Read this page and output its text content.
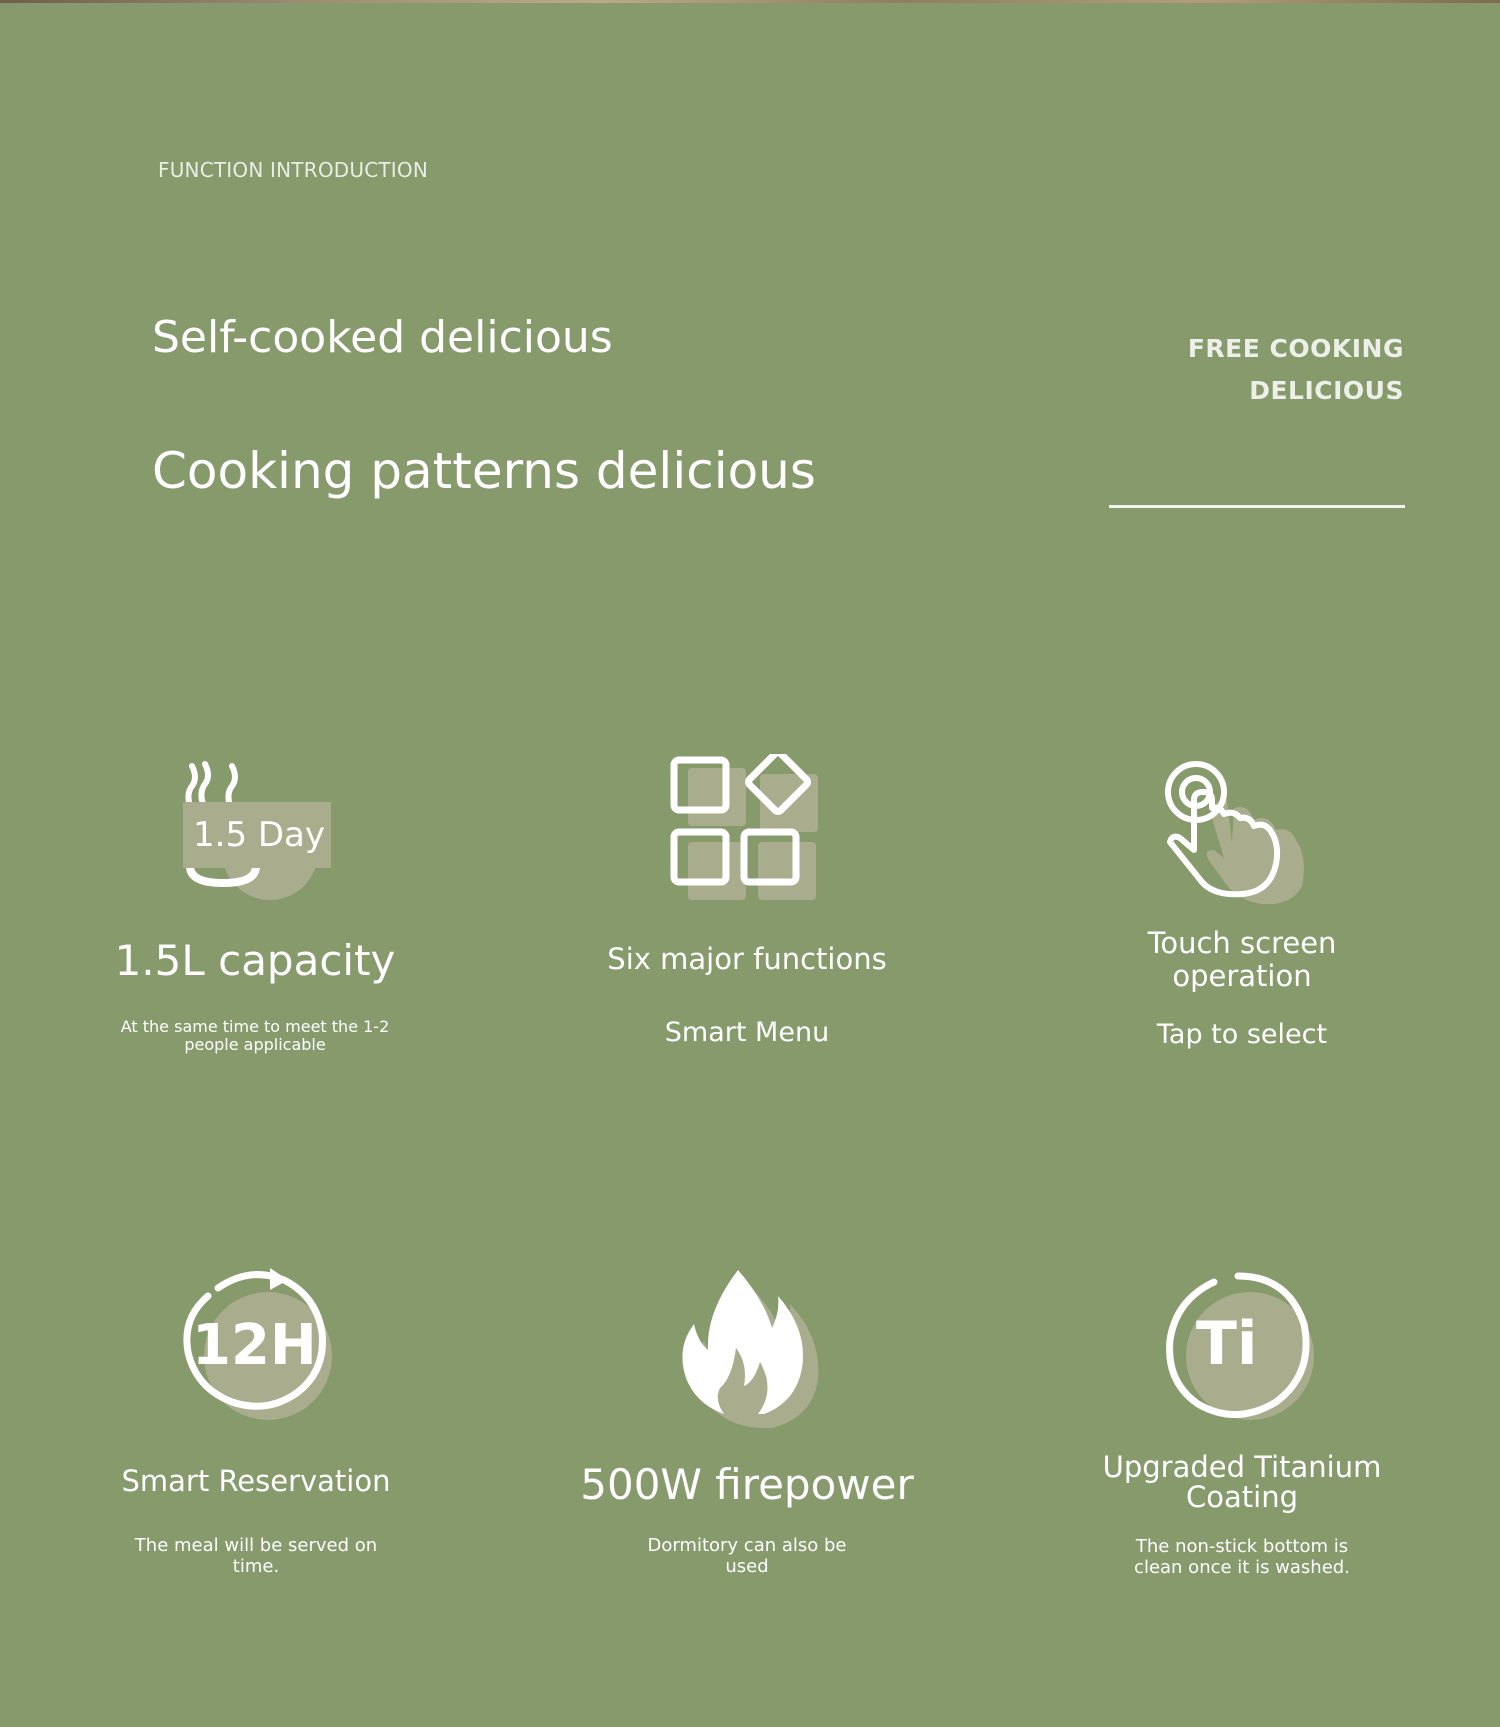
FUNCTION INTRODUCTION
Self-cooked delicious
Cooking patterns delicious
FREE COOKING
DELICIOUS
1.5 Day
1.5L capacity
At the same time to meet the 1-2 people applicable
Six major functions
Smart Menu
Touch screen operation
Tap to select
12H
Smart Reservation
The meal will be served on time.
500W firepower
Dormitory can also be used
Ti
Upgraded Titanium Coating
The non-stick bottom is clean once it is washed.
